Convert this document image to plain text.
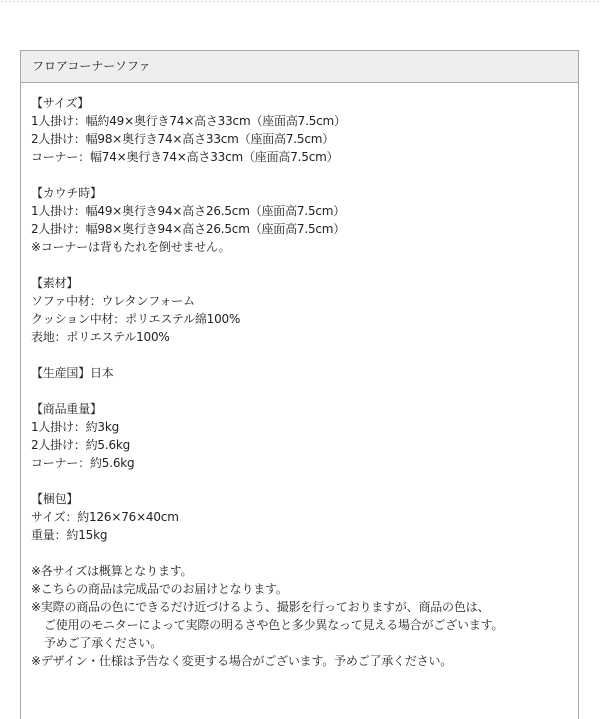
フロアコーナーソファ
【サイズ】
1人掛け：幅約49×奥行き74×高さ33cm（座面高7.5cm）
2人掛け：幅98×奥行き74×高さ33cm（座面高7.5cm）
コーナー：幅74×奥行き74×高さ33cm（座面高7.5cm）
【カウチ時】
1人掛け：幅49×奥行き94×高さ26.5cm（座面高7.5cm）
2人掛け：幅98×奥行き94×高さ26.5cm（座面高7.5cm）
※コーナーは背もたれを倒せません。
【素材】
ソファ中材：ウレタンフォーム
クッション中材：ポリエステル綿100%
表地：ポリエステル100%
【生産国】日本
【商品重量】
1人掛け：約3kg
2人掛け：約5.6kg
コーナー：約5.6kg
【梱包】
サイズ：約126×76×40cm
重量：約15kg
※各サイズは概算となります。
※こちらの商品は完成品でのお届けとなります。
※実際の商品の色にできるだけ近づけるよう、撮影を行っておりますが、商品の色は、
ご使用のモニターによって実際の明るさや色と多少異なって見える場合がございます。
予めご了承ください。
※デザイン・仕様は予告なく変更する場合がございます。予めご了承ください。
